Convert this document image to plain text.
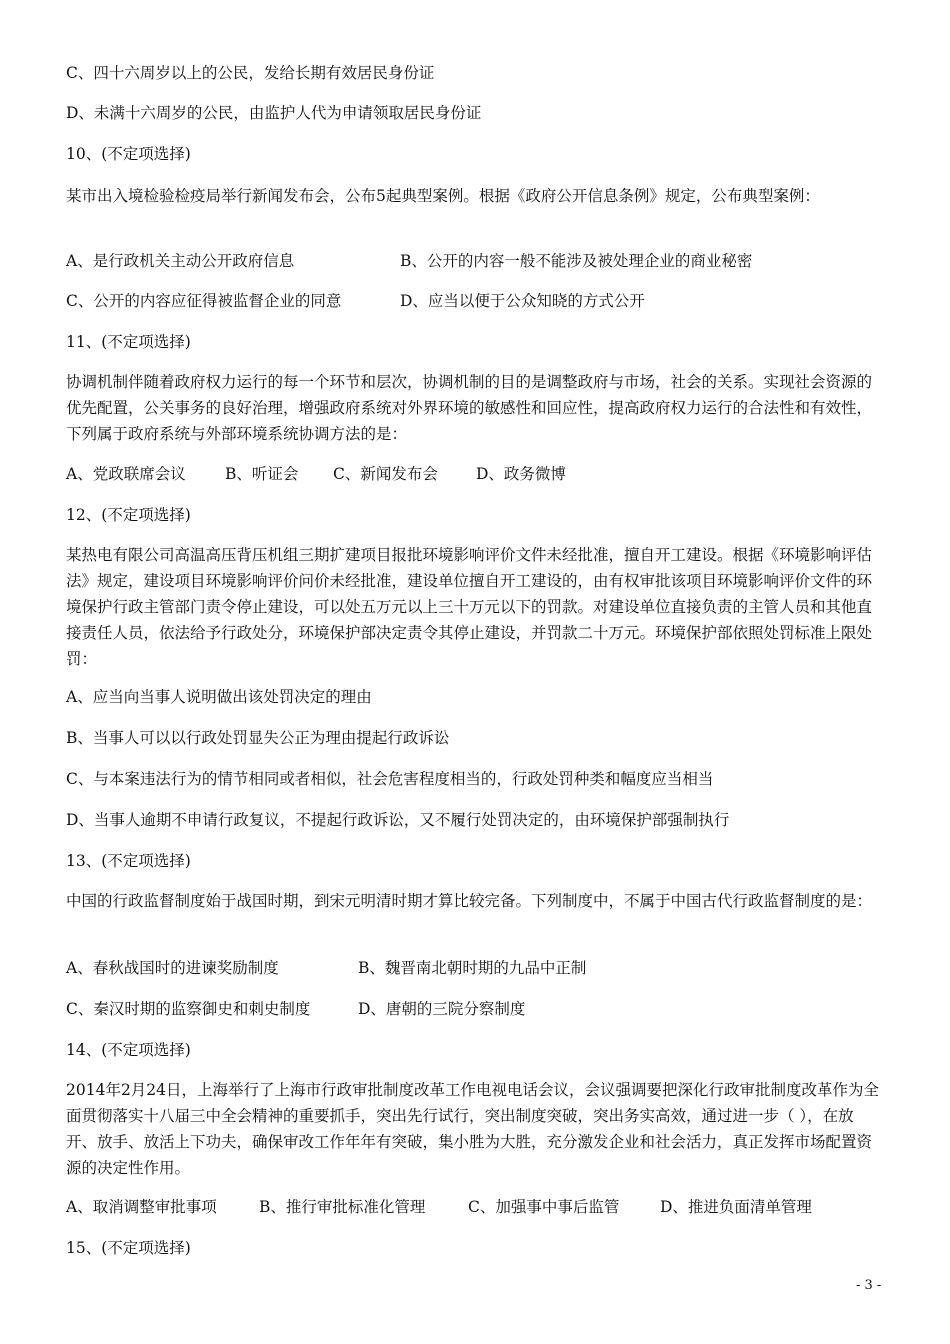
C、四十六周岁以上的公民，发给长期有效居民身份证
D、未满十六周岁的公民，由监护人代为申请领取居民身份证
10、(不定项选择)
某市出入境检验检疫局举行新闻发布会，公布5起典型案例。根据《政府公开信息条例》规定，公布典型案例：
A、是行政机关主动公开政府信息	B、公开的内容一般不能涉及被处理企业的商业秘密
C、公开的内容应征得被监督企业的同意	D、应当以便于公众知晓的方式公开
11、(不定项选择)
协调机制伴随着政府权力运行的每一个环节和层次，协调机制的目的是调整政府与市场，社会的关系。实现社会资源的优先配置，公关事务的良好治理，增强政府系统对外界环境的敏感性和回应性，提高政府权力运行的合法性和有效性，下列属于政府系统与外部环境系统协调方法的是：
A、党政联席会议	B、听证会 C、新闻发布会 D、政务微博
12、(不定项选择)
某热电有限公司高温高压背压机组三期扩建项目报批环境影响评价文件未经批准，擅自开工建设。根据《环境影响评估法》规定，建设项目环境影响评价问价未经批准，建设单位擅自开工建设的，由有权审批该项目环境影响评价文件的环境保护行政主管部门责令停止建设，可以处五万元以上三十万元以下的罚款。对建设单位直接负责的主管人员和其他直接责任人员，依法给予行政处分，环境保护部决定责令其停止建设，并罚款二十万元。环境保护部依照处罚标准上限处罚：
A、应当向当事人说明做出该处罚决定的理由
B、当事人可以以行政处罚显失公正为理由提起行政诉讼
C、与本案违法行为的情节相同或者相似，社会危害程度相当的，行政处罚种类和幅度应当相当
D、当事人逾期不申请行政复议，不提起行政诉讼，又不履行处罚决定的，由环境保护部强制执行
13、(不定项选择)
中国的行政监督制度始于战国时期，到宋元明清时期才算比较完备。下列制度中，不属于中国古代行政监督制度的是：
A、春秋战国时的进谏奖励制度	B、魏晋南北朝时期的九品中正制
C、秦汉时期的监察御史和刺史制度	D、唐朝的三院分察制度
14、(不定项选择)
2014年2月24日，上海举行了上海市行政审批制度改革工作电视电话会议，会议强调要把深化行政审批制度改革作为全面贯彻落实十八届三中全会精神的重要抓手，突出先行试行，突出制度突破，突出务实高效，通过进一步（ ），在放开、放手、放活上下功夫，确保审改工作年年有突破，集小胜为大胜，充分激发企业和社会活力，真正发挥市场配置资源的决定性作用。
A、取消调整审批事项	B、推行审批标准化管理	C、加强事中事后监管	D、推进负面清单管理
15、(不定项选择)
- 3 -
